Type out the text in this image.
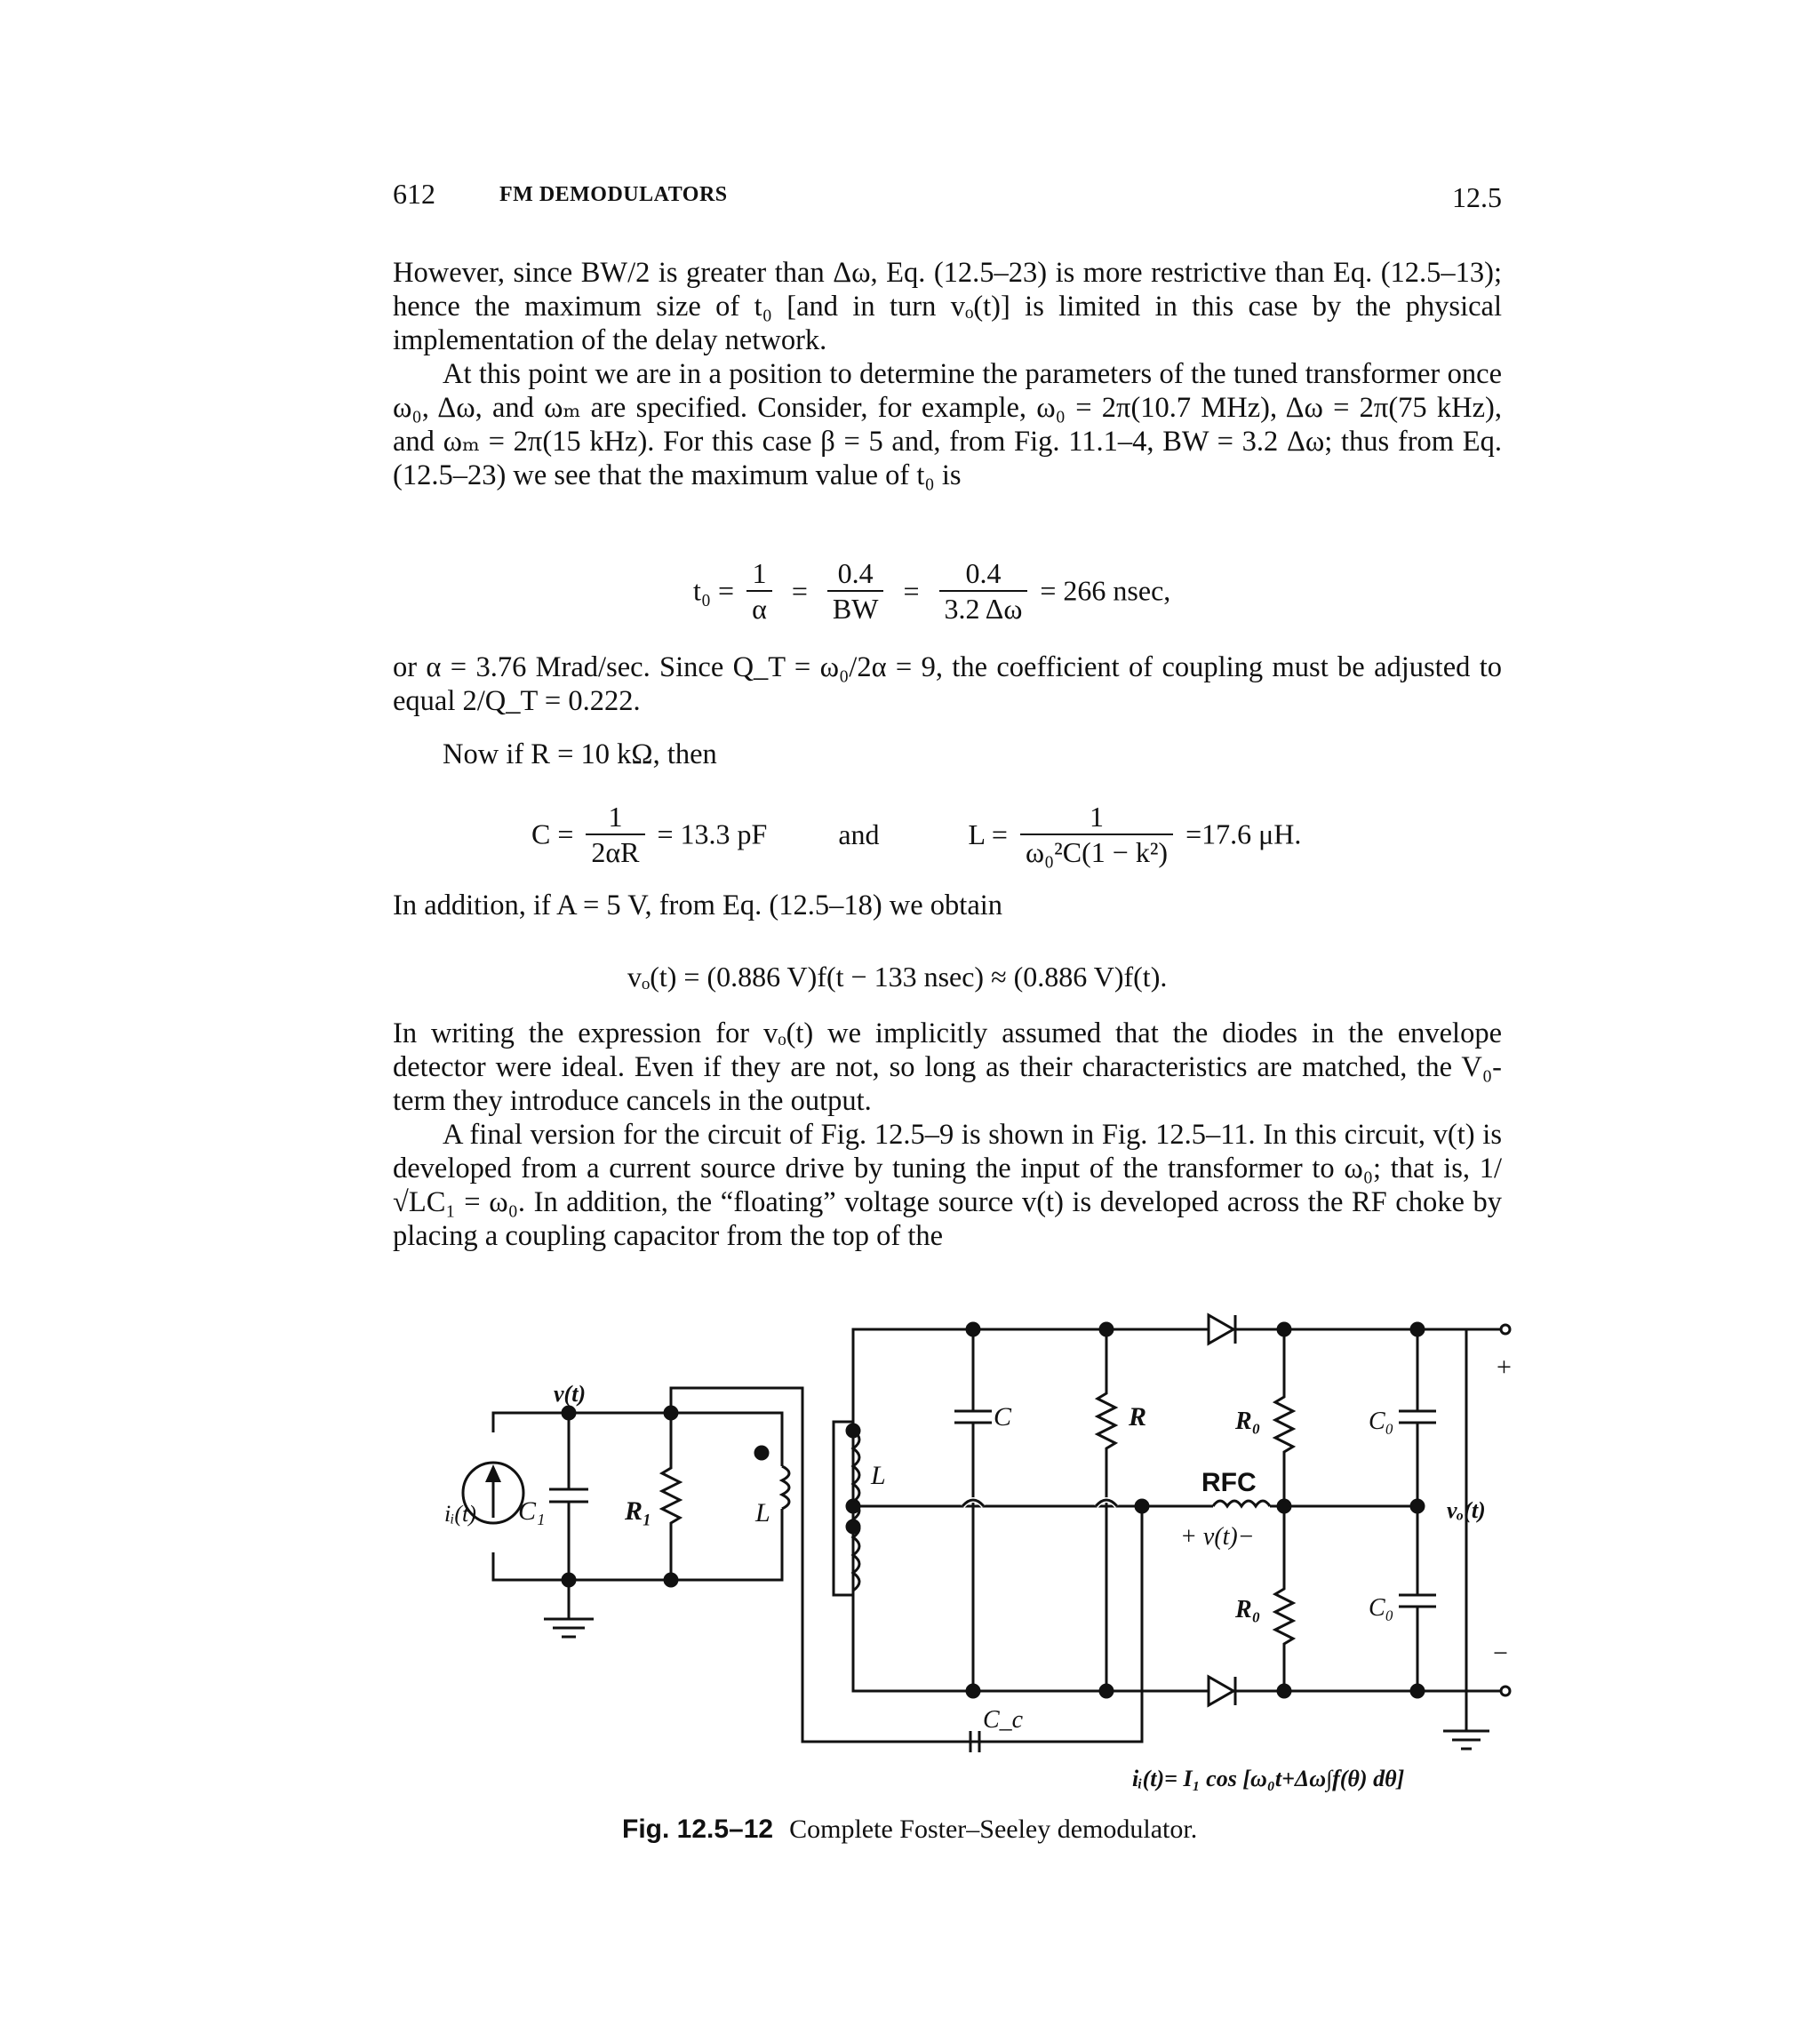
612	FM DEMODULATORS	12.5

However, since BW/2 is greater than Δω, Eq. (12.5–23) is more restrictive than Eq. (12.5–13); hence the maximum size of t₀ [and in turn vₒ(t)] is limited in this case by the physical implementation of the delay network.

At this point we are in a position to determine the parameters of the tuned transformer once ω₀, Δω, and ωₘ are specified. Consider, for example, ω₀ = 2π(10.7 MHz), Δω = 2π(75 kHz), and ωₘ = 2π(15 kHz). For this case β = 5 and, from Fig. 11.1–4, BW = 3.2 Δω; thus from Eq. (12.5–23) we see that the maximum value of t₀ is

$t_0 = \frac{1}{\alpha} = \frac{0.4}{BW} = \frac{0.4}{3.2 \Delta\omega} = 266$ nsec,

or α = 3.76 Mrad/sec. Since Q_T = ω₀/2α = 9, the coefficient of coupling must be adjusted to equal 2/Q_T = 0.222.

Now if R = 10 kΩ, then

$C = \frac{1}{2\alpha R} = 13.3$ pF	and	$L = \frac{1}{\text{ω₀²C(1 − k²)}} =17.6$ μH.

In addition, if A = 5 V, from Eq. (12.5–18) we obtain

vₒ(t) = (0.886 V)f(t − 133 nsec) ≈ (0.886 V)f(t).

In writing the expression for vₒ(t) we implicitly assumed that the diodes in the envelope detector were ideal. Even if they are not, so long as their characteristics are matched, the V₀-term they introduce cancels in the output.

A final version for the circuit of Fig. 12.5–9 is shown in Fig. 12.5–11. In this circuit, v(t) is developed from a current source drive by tuning the input of the transformer to ω₀; that is, 1/√LC₁ = ω₀. In addition, the “floating” voltage source v(t) is developed across the RF choke by placing a coupling capacitor from the top of the

iᵢ(t) C₁	R₁	L
v(t)
L
C	R	R₀
R₀
C₀
C₀
RFC
+ v(t)−
C_c
+
−
vₒ(t)
iᵢ(t)= I₁ cos [ω₀t+Δω∫f(θ) dθ]
Fig. 12.5–12 Complete Foster–Seeley demodulator.
